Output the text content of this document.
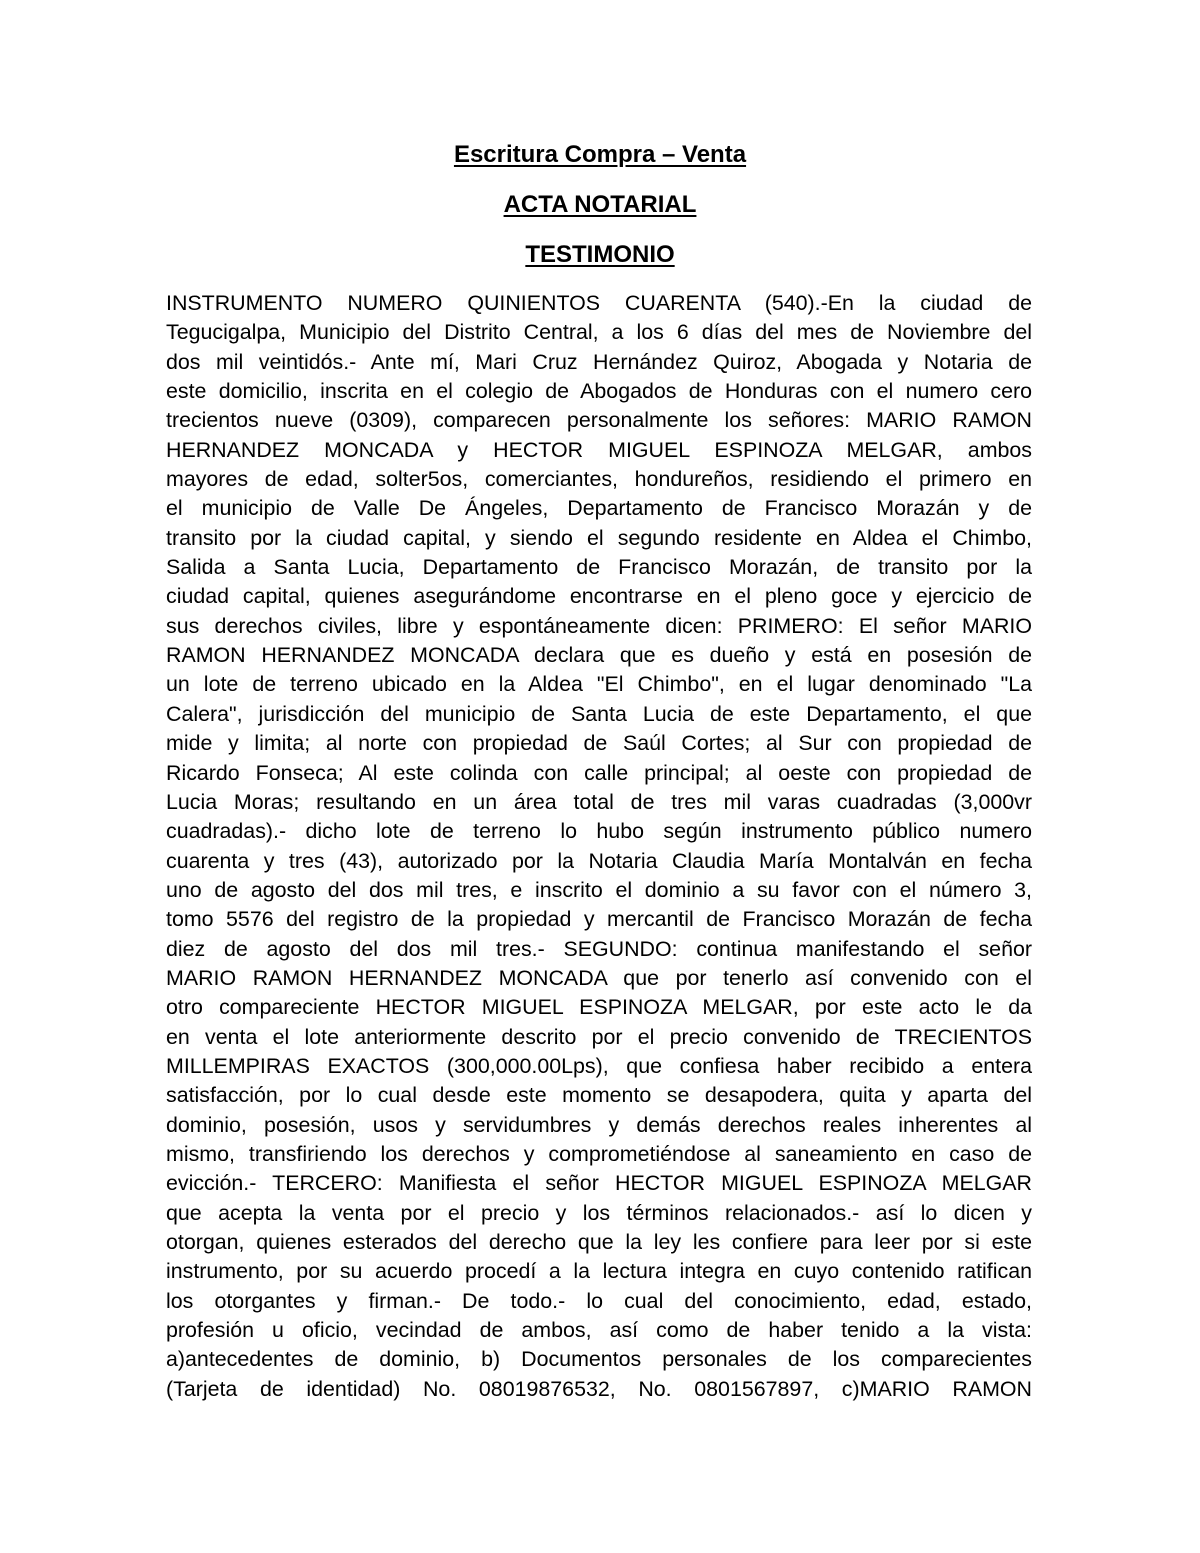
Escritura Compra – Venta
ACTA NOTARIAL
TESTIMONIO
INSTRUMENTO NUMERO QUINIENTOS CUARENTA (540).-En la ciudad de
Tegucigalpa, Municipio del Distrito Central, a los 6 días del mes de Noviembre del
dos mil veintidós.- Ante mí, Mari Cruz Hernández Quiroz, Abogada y Notaria de
este domicilio, inscrita en el colegio de Abogados de Honduras con el numero cero
trecientos nueve (0309), comparecen personalmente los señores: MARIO RAMON
HERNANDEZ MONCADA y HECTOR MIGUEL ESPINOZA MELGAR, ambos
mayores de edad, solter5os, comerciantes, hondureños, residiendo el primero en
el municipio de Valle De Ángeles, Departamento de Francisco Morazán y de
transito por la ciudad capital, y siendo el segundo residente en Aldea el Chimbo,
Salida a Santa Lucia, Departamento de Francisco Morazán, de transito por la
ciudad capital, quienes asegurándome encontrarse en el pleno goce y ejercicio de
sus derechos civiles, libre y espontáneamente dicen: PRIMERO: El señor MARIO
RAMON HERNANDEZ MONCADA declara que es dueño y está en posesión de
un lote de terreno ubicado en la Aldea "El Chimbo", en el lugar denominado "La
Calera", jurisdicción del municipio de Santa Lucia de este Departamento, el que
mide y limita; al norte con propiedad de Saúl Cortes; al Sur con propiedad de
Ricardo Fonseca; Al este colinda con calle principal; al oeste con propiedad de
Lucia Moras; resultando en un área total de tres mil varas cuadradas (3,000vr
cuadradas).- dicho lote de terreno lo hubo según instrumento público numero
cuarenta y tres (43), autorizado por la Notaria Claudia María Montalván en fecha
uno de agosto del dos mil tres, e inscrito el dominio a su favor con el número 3,
tomo 5576 del registro de la propiedad y mercantil de Francisco Morazán de fecha
diez de agosto del dos mil tres.- SEGUNDO: continua manifestando el señor
MARIO RAMON HERNANDEZ MONCADA que por tenerlo así convenido con el
otro compareciente HECTOR MIGUEL ESPINOZA MELGAR, por este acto le da
en venta el lote anteriormente descrito por el precio convenido de TRECIENTOS
MILLEMPIRAS EXACTOS (300,000.00Lps), que confiesa haber recibido a entera
satisfacción, por lo cual desde este momento se desapodera, quita y aparta del
dominio, posesión, usos y servidumbres y demás derechos reales inherentes al
mismo, transfiriendo los derechos y comprometiéndose al saneamiento en caso de
evicción.- TERCERO: Manifiesta el señor HECTOR MIGUEL ESPINOZA MELGAR
que acepta la venta por el precio y los términos relacionados.- así lo dicen y
otorgan, quienes esterados del derecho que la ley les confiere para leer por si este
instrumento, por su acuerdo procedí a la lectura integra en cuyo contenido ratifican
los otorgantes y firman.- De todo.- lo cual del conocimiento, edad, estado,
profesión u oficio, vecindad de ambos, así como de haber tenido a la vista:
a)antecedentes de dominio, b) Documentos personales de los comparecientes
(Tarjeta de identidad) No. 08019876532, No. 0801567897, c)MARIO RAMON
